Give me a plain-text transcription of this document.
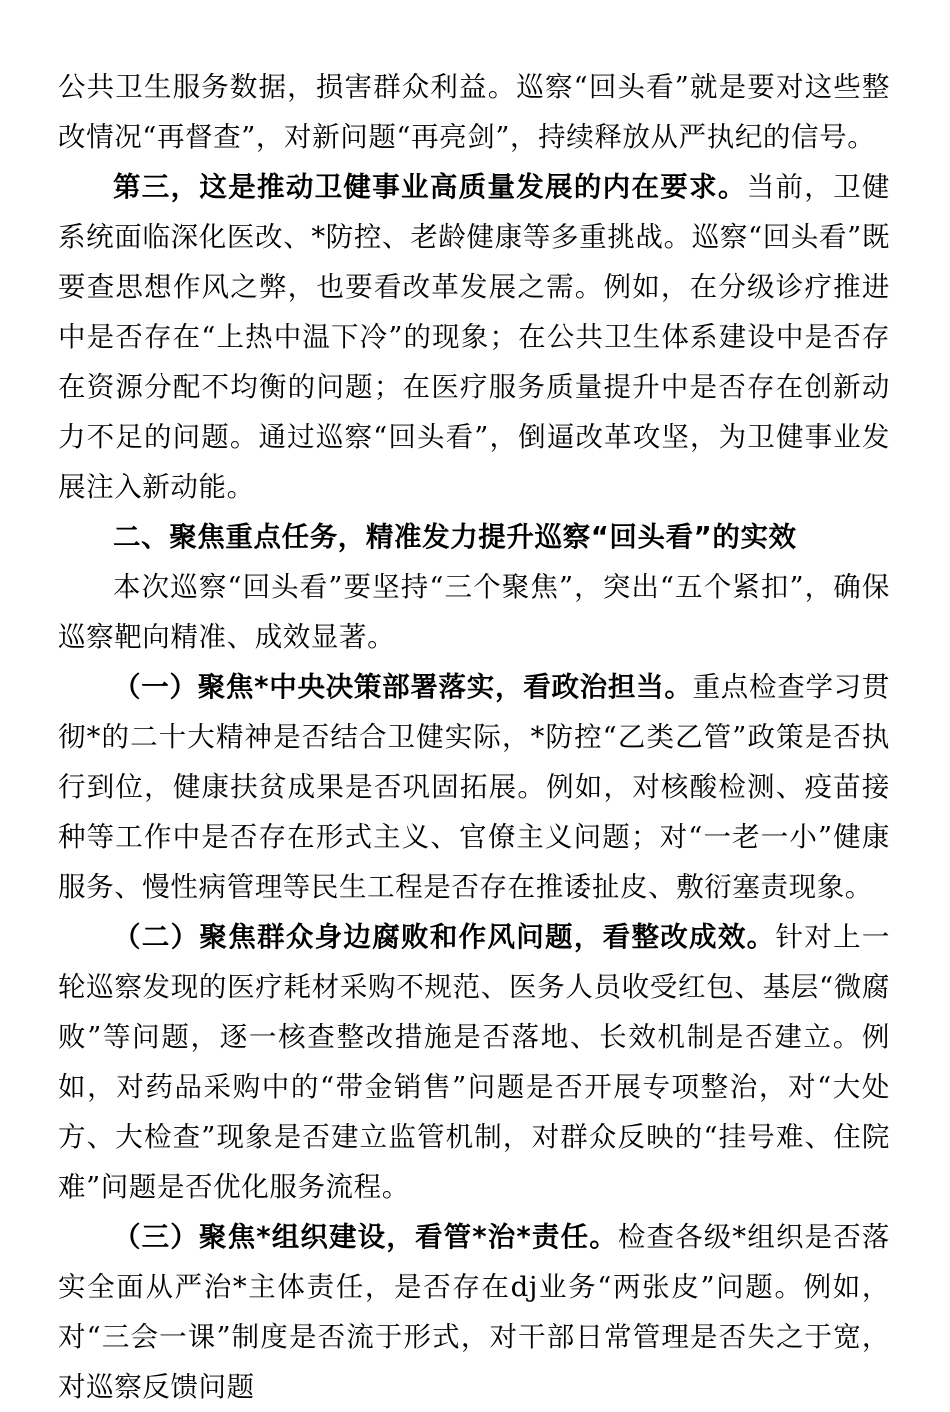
公共卫生服务数据，损害群众利益。巡察“回头看”就是要对这些整改情况“再督查”，对新问题“再亮剑”，持续释放从严执纪的信号。

第三，这是推动卫健事业高质量发展的内在要求。当前，卫健系统面临深化医改、*防控、老龄健康等多重挑战。巡察“回头看”既要查思想作风之弊，也要看改革发展之需。例如，在分级诊疗推进中是否存在“上热中温下冷”的现象；在公共卫生体系建设中是否存在资源分配不均衡的问题；在医疗服务质量提升中是否存在创新动力不足的问题。通过巡察“回头看”，倒逼改革攻坚，为卫健事业发展注入新动能。

二、聚焦重点任务，精准发力提升巡察“回头看”的实效

本次巡察“回头看”要坚持“三个聚焦”，突出“五个紧扣”，确保巡察靶向精准、成效显著。

（一）聚焦*中央决策部署落实，看政治担当。重点检查学习贯彻*的二十大精神是否结合卫健实际，*防控“乙类乙管”政策是否执行到位，健康扶贫成果是否巩固拓展。例如，对核酸检测、疫苗接种等工作中是否存在形式主义、官僚主义问题；对“一老一小”健康服务、慢性病管理等民生工程是否存在推诿扯皮、敷衍塞责现象。

（二）聚焦群众身边腐败和作风问题，看整改成效。针对上一轮巡察发现的医疗耗材采购不规范、医务人员收受红包、基层“微腐败”等问题，逐一核查整改措施是否落地、长效机制是否建立。例如，对药品采购中的“带金销售”问题是否开展专项整治，对“大处方、大检查”现象是否建立监管机制，对群众反映的“挂号难、住院难”问题是否优化服务流程。

（三）聚焦*组织建设，看管*治*责任。检查各级*组织是否落实全面从严治*主体责任，是否存在dj业务“两张皮”问题。例如，对“三会一课”制度是否流于形式，对干部日常管理是否失之于宽，对巡察反馈问题
